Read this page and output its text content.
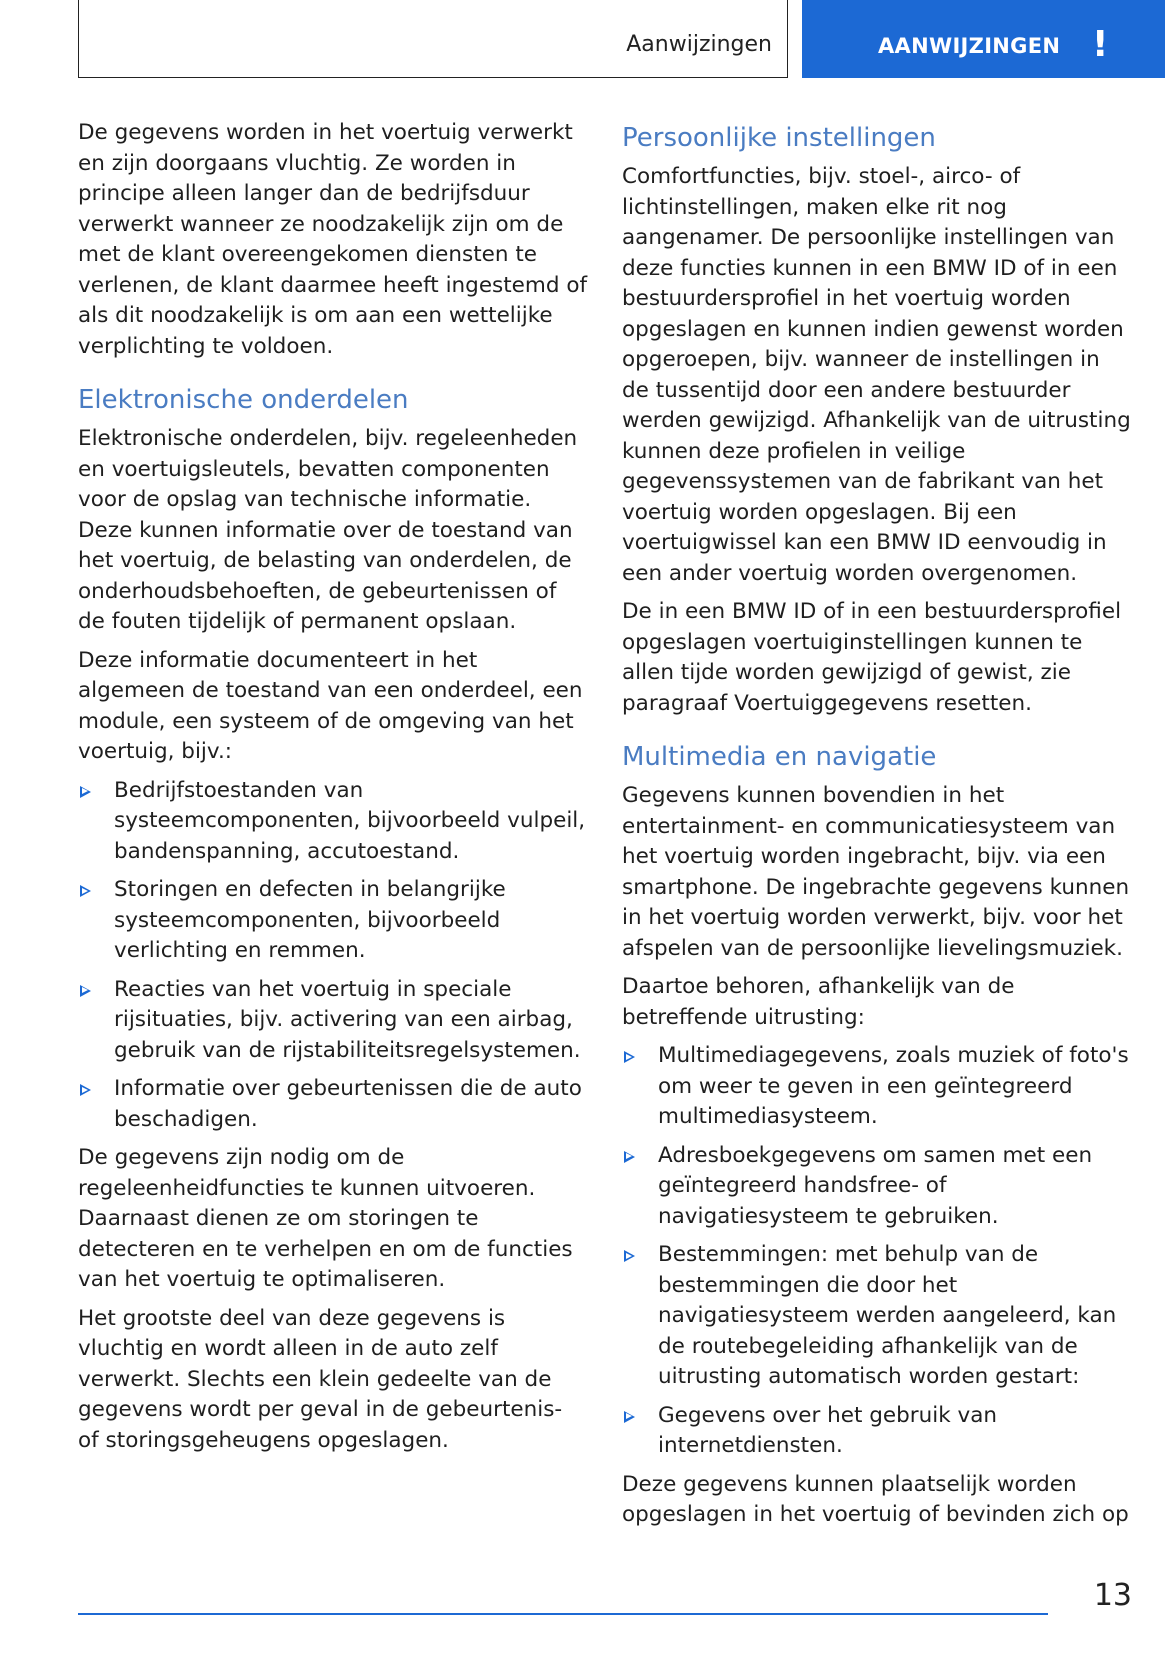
Aanwijzingen	AANWIJZINGEN !

De gegevens worden in het voertuig verwerkt en zijn doorgaans vluchtig. Ze worden in principe alleen langer dan de bedrijfsduur verwerkt wanneer ze noodzakelijk zijn om de met de klant overeengekomen diensten te verlenen, de klant daarmee heeft ingestemd of als dit noodzakelijk is om aan een wettelijke verplichting te voldoen.

Elektronische onderdelen

Elektronische onderdelen, bijv. regeleenheden en voertuigsleutels, bevatten componenten voor de opslag van technische informatie. Deze kunnen informatie over de toestand van het voertuig, de belasting van onderdelen, de onderhoudsbehoeften, de gebeurtenissen of de fouten tijdelijk of permanent opslaan.

Deze informatie documenteert in het algemeen de toestand van een onderdeel, een module, een systeem of de omgeving van het voertuig, bijv.:

Bedrijfstoestanden van systeemcomponenten, bijvoorbeeld vulpeil, bandenspanning, accutoestand.
Storingen en defecten in belangrijke systeemcomponenten, bijvoorbeeld verlichting en remmen.
Reacties van het voertuig in speciale rijsituaties, bijv. activering van een airbag, gebruik van de rijstabiliteitsregelsystemen.
Informatie over gebeurtenissen die de auto beschadigen.

De gegevens zijn nodig om de regeleenheidfuncties te kunnen uitvoeren. Daarnaast dienen ze om storingen te detecteren en te verhelpen en om de functies van het voertuig te optimaliseren.

Het grootste deel van deze gegevens is vluchtig en wordt alleen in de auto zelf verwerkt. Slechts een klein gedeelte van de gegevens wordt per geval in de gebeurtenis- of storingsgeheugens opgeslagen.

Persoonlijke instellingen

Comfortfuncties, bijv. stoel-, airco- of lichtinstellingen, maken elke rit nog aangenamer. De persoonlijke instellingen van deze functies kunnen in een BMW ID of in een bestuurdersprofiel in het voertuig worden opgeslagen en kunnen indien gewenst worden opgeroepen, bijv. wanneer de instellingen in de tussentijd door een andere bestuurder werden gewijzigd. Afhankelijk van de uitrusting kunnen deze profielen in veilige gegevenssystemen van de fabrikant van het voertuig worden opgeslagen. Bij een voertuigwissel kan een BMW ID eenvoudig in een ander voertuig worden overgenomen.

De in een BMW ID of in een bestuurdersprofiel opgeslagen voertuiginstellingen kunnen te allen tijde worden gewijzigd of gewist, zie paragraaf Voertuiggegevens resetten.

Multimedia en navigatie

Gegevens kunnen bovendien in het entertainment- en communicatiesysteem van het voertuig worden ingebracht, bijv. via een smartphone. De ingebrachte gegevens kunnen in het voertuig worden verwerkt, bijv. voor het afspelen van de persoonlijke lievelingsmuziek.

Daartoe behoren, afhankelijk van de betreffende uitrusting:

Multimediagegevens, zoals muziek of foto's om weer te geven in een geïntegreerd multimediasysteem.
Adresboekgegevens om samen met een geïntegreerd handsfree- of navigatiesysteem te gebruiken.
Bestemmingen: met behulp van de bestemmingen die door het navigatiesysteem werden aangeleerd, kan de routebegeleiding afhankelijk van de uitrusting automatisch worden gestart:
Gegevens over het gebruik van internetdiensten.

Deze gegevens kunnen plaatselijk worden opgeslagen in het voertuig of bevinden zich op

13
